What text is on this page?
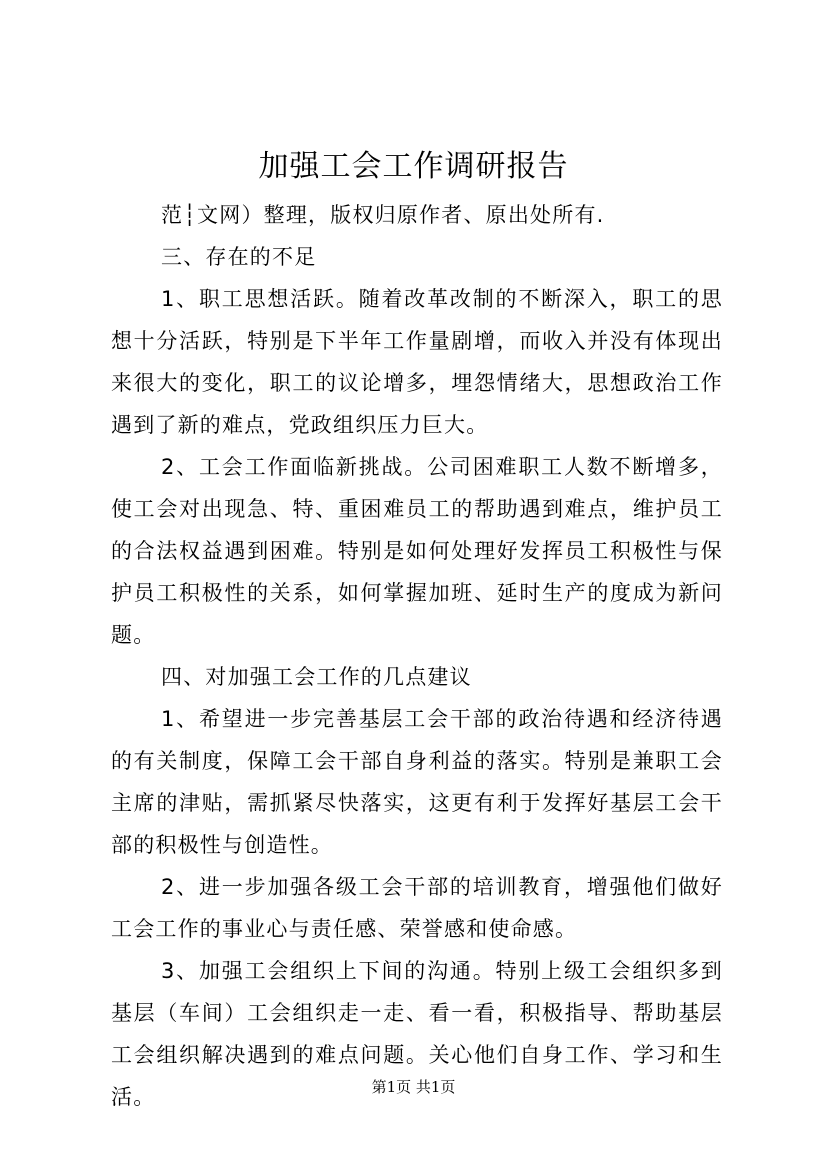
加强工会工作调研报告

范┆文网）整理，版权归原作者、原出处所有.

三、存在的不足

1、职工思想活跃。随着改革改制的不断深入，职工的思想十分活跃，特别是下半年工作量剧增，而收入并没有体现出来很大的变化，职工的议论增多，埋怨情绪大，思想政治工作遇到了新的难点，党政组织压力巨大。

2、工会工作面临新挑战。公司困难职工人数不断增多，使工会对出现急、特、重困难员工的帮助遇到难点，维护员工的合法权益遇到困难。特别是如何处理好发挥员工积极性与保护员工积极性的关系，如何掌握加班、延时生产的度成为新问题。

四、对加强工会工作的几点建议

1、希望进一步完善基层工会干部的政治待遇和经济待遇的有关制度，保障工会干部自身利益的落实。特别是兼职工会主席的津贴，需抓紧尽快落实，这更有利于发挥好基层工会干部的积极性与创造性。

2、进一步加强各级工会干部的培训教育，增强他们做好工会工作的事业心与责任感、荣誉感和使命感。

3、加强工会组织上下间的沟通。特别上级工会组织多到基层（车间）工会组织走一走、看一看，积极指导、帮助基层工会组织解决遇到的难点问题。关心他们自身工作、学习和生活。	第1页 共1页
